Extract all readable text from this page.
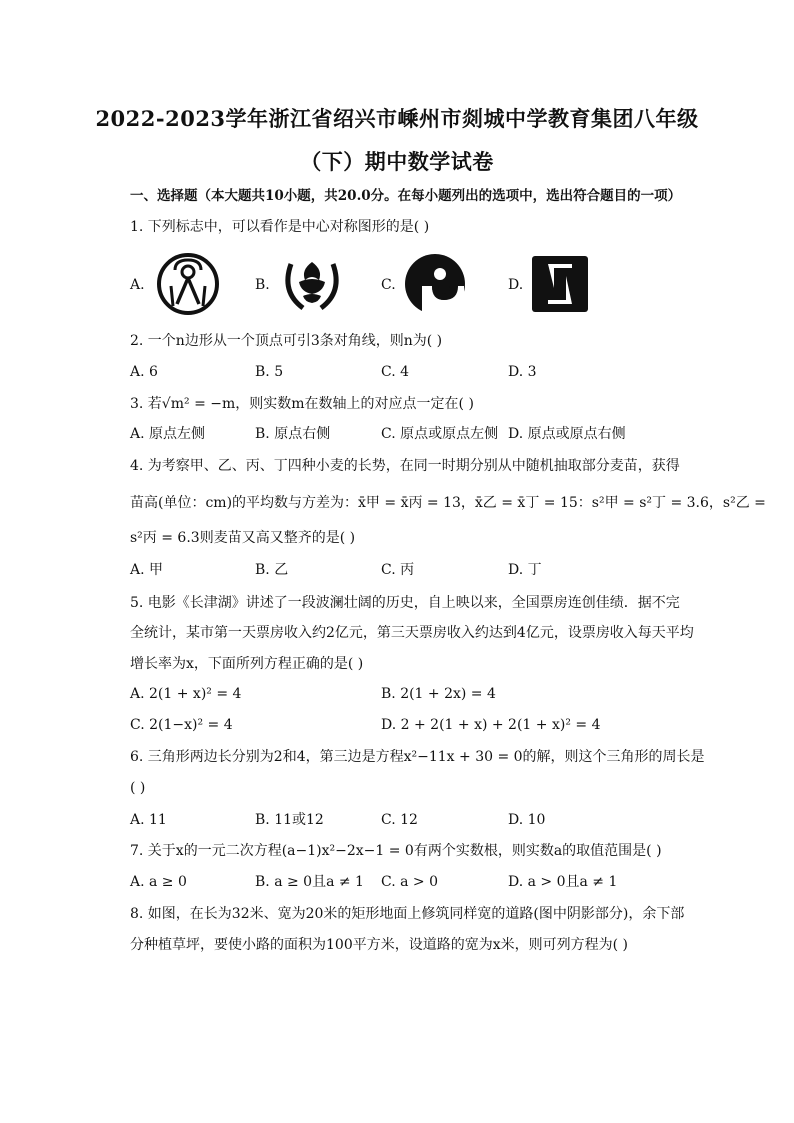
2022-2023学年浙江省绍兴市嵊州市剡城中学教育集团八年级
（下）期中数学试卷
一、选择题（本大题共10小题，共20.0分。在每小题列出的选项中，选出符合题目的一项）
1. 下列标志中，可以看作是中心对称图形的是( )
A.	B.	C.	D.
2. 一个n边形从一个顶点可引3条对角线，则n为( )
A. 6	B. 5	C. 4	D. 3
3. 若√m² = −m，则实数m在数轴上的对应点一定在( )
A. 原点左侧	B. 原点右侧	C. 原点或原点左侧 D. 原点或原点右侧
4. 为考察甲、乙、丙、丁四种小麦的长势，在同一时期分别从中随机抽取部分麦苗，获得
苗高(单位：cm)的平均数与方差为：x̄甲 = x̄丙 = 13，x̄乙 = x̄丁 = 15：s²甲 = s²丁 = 3.6，s²乙 =
s²丙 = 6.3则麦苗又高又整齐的是( )
A. 甲	B. 乙	C. 丙	D. 丁
5. 电影《长津湖》讲述了一段波澜壮阔的历史，自上映以来，全国票房连创佳绩．据不完
全统计，某市第一天票房收入约2亿元，第三天票房收入约达到4亿元，设票房收入每天平均
增长率为x，下面所列方程正确的是( )
A. 2(1 + x)² = 4	B. 2(1 + 2x) = 4
C. 2(1−x)² = 4	D. 2 + 2(1 + x) + 2(1 + x)² = 4
6. 三角形两边长分别为2和4，第三边是方程x²−11x + 30 = 0的解，则这个三角形的周长是
( )
A. 11	B. 11或12	C. 12	D. 10
7. 关于x的一元二次方程(a−1)x²−2x−1 = 0有两个实数根，则实数a的取值范围是( )
A. a ≥ 0	B. a ≥ 0且a ≠ 1 C. a > 0	D. a > 0且a ≠ 1
8. 如图，在长为32米、宽为20米的矩形地面上修筑同样宽的道路(图中阴影部分)，余下部
分种植草坪，要使小路的面积为100平方米，设道路的宽为x米，则可列方程为( )
